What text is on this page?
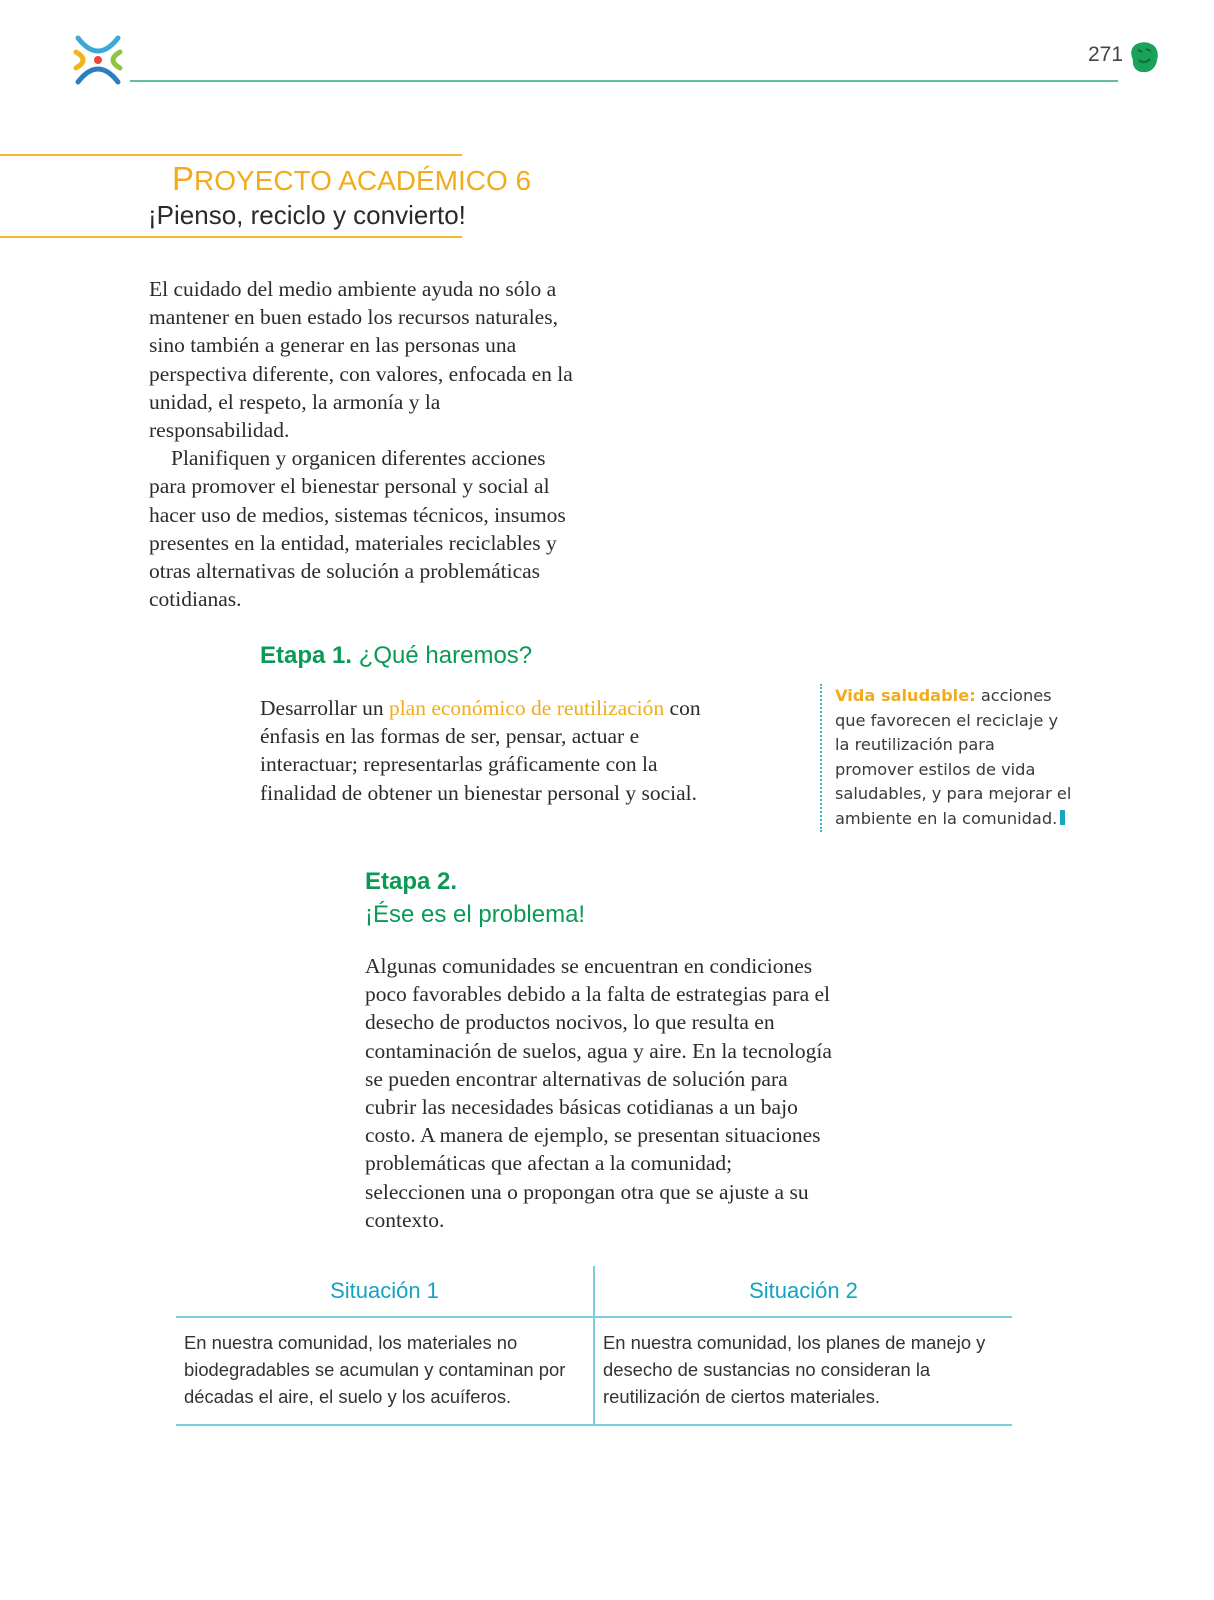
271
PROYECTO ACADÉMICO 6
¡Pienso, reciclo y convierto!

El cuidado del medio ambiente ayuda no sólo a mantener en buen estado los recursos naturales, sino también a generar en las personas una perspectiva diferente, con valores, enfocada en la unidad, el respeto, la armonía y la responsabilidad.

Planifiquen y organicen diferentes acciones para promover el bienestar personal y social al hacer uso de medios, sistemas técnicos, insumos presentes en la entidad, materiales reciclables y otras alternativas de solución a problemáticas cotidianas.

Etapa 1. ¿Qué haremos?
Desarrollar un plan económico de reutilización con énfasis en las formas de ser, pensar, actuar e interactuar; representarlas gráficamente con la finalidad de obtener un bienestar personal y social.
Vida saludable: acciones que favorecen el reciclaje y la reutilización para promover estilos de vida saludables, y para mejorar el ambiente en la comunidad.
Etapa 2.
¡Ése es el problema!
Algunas comunidades se encuentran en condiciones poco favorables debido a la falta de estrategias para el desecho de productos nocivos, lo que resulta en contaminación de suelos, agua y aire. En la tecnología se pueden encontrar alternativas de solución para cubrir las necesidades básicas cotidianas a un bajo costo. A manera de ejemplo, se presentan situaciones problemáticas que afectan a la comunidad; seleccionen una o propongan otra que se ajuste a su contexto.
Situación 1	Situación 2
En nuestra comunidad, los materiales no biodegradables se acumulan y contaminan por décadas el aire, el suelo y los acuíferos.	En nuestra comunidad, los planes de manejo y desecho de sustancias no consideran la reutilización de ciertos materiales.
